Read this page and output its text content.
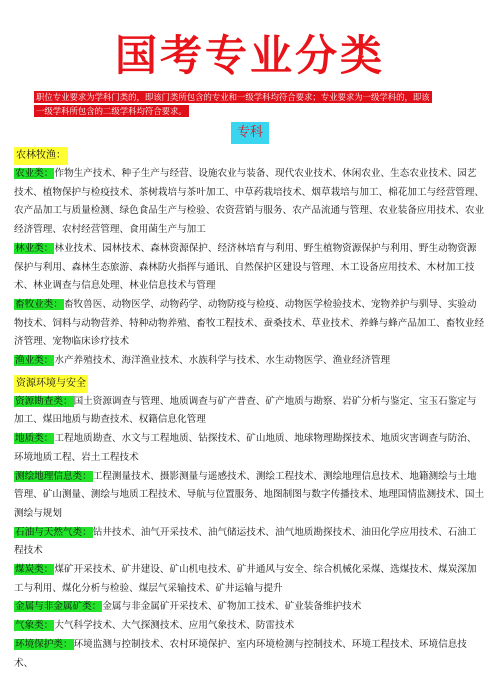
国考专业分类
职位专业要求为学科门类的，即该门类所包含的专业和一级学科均符合要求；专业要求为一级学科的，即该
一级学科所包含的二级学科均符合要求。
专科
农林牧渔：

农业类：作物生产技术、种子生产与经营、设施农业与装备、现代农业技术、休闲农业、生态农业技术、园艺技术、植物保护与检疫技术、茶树栽培与茶叶加工、中草药栽培技术、烟草栽培与加工、棉花加工与经营管理、农产品加工与质量检测、绿色食品生产与检验、农资营销与服务、农产品流通与管理、农业装备应用技术、农业经济管理、农村经营管理、食用菌生产与加工

林业类：林业技术、园林技术、森林资源保护、经济林培育与利用、野生植物资源保护与利用、野生动物资源保护与利用、森林生态旅游、森林防火指挥与通讯、自然保护区建设与管理、木工设备应用技术、木材加工技术、林业调查与信息处理、林业信息技术与管理

畜牧业类：畜牧兽医、动物医学、动物药学、动物防疫与检疫、动物医学检验技术、宠物养护与驯导、实验动物技术、饲料与动物营养、特种动物养殖、畜牧工程技术、蚕桑技术、草业技术、养蜂与蜂产品加工、畜牧业经济管理、宠物临床诊疗技术

渔业类：水产养殖技术、海洋渔业技术、水族科学与技术、水生动物医学、渔业经济管理

资源环境与安全

资源勘查类：国土资源调查与管理、地质调查与矿产普查、矿产地质与勘察、岩矿分析与鉴定、宝玉石鉴定与加工、煤田地质与勘查技术、权籍信息化管理

地质类：工程地质勘查、水文与工程地质、钻探技术、矿山地质、地球物理勘探技术、地质灾害调查与防治、环境地质工程、岩土工程技术

测绘地理信息类：工程测量技术、摄影测量与遥感技术、测绘工程技术、测绘地理信息技术、地籍测绘与土地管理、矿山测量、测绘与地质工程技术、导航与位置服务、地图制图与数字传播技术、地理国情监测技术、国土测绘与规划

石油与天然气类：钻井技术、油气开采技术、油气储运技术、油气地质勘探技术、油田化学应用技术、石油工程技术

煤炭类：煤矿开采技术、矿井建设、矿山机电技术、矿井通风与安全、综合机械化采煤、选煤技术、煤炭深加工与利用、煤化分析与检验、煤层气采输技术、矿井运输与提升

金属与非金属矿类：金属与非金属矿开采技术、矿物加工技术、矿业装备维护技术

气象类：大气科学技术、大气探测技术、应用气象技术、防雷技术

环境保护类：环境监测与控制技术、农村环境保护、室内环境检测与控制技术、环境工程技术、环境信息技术、
